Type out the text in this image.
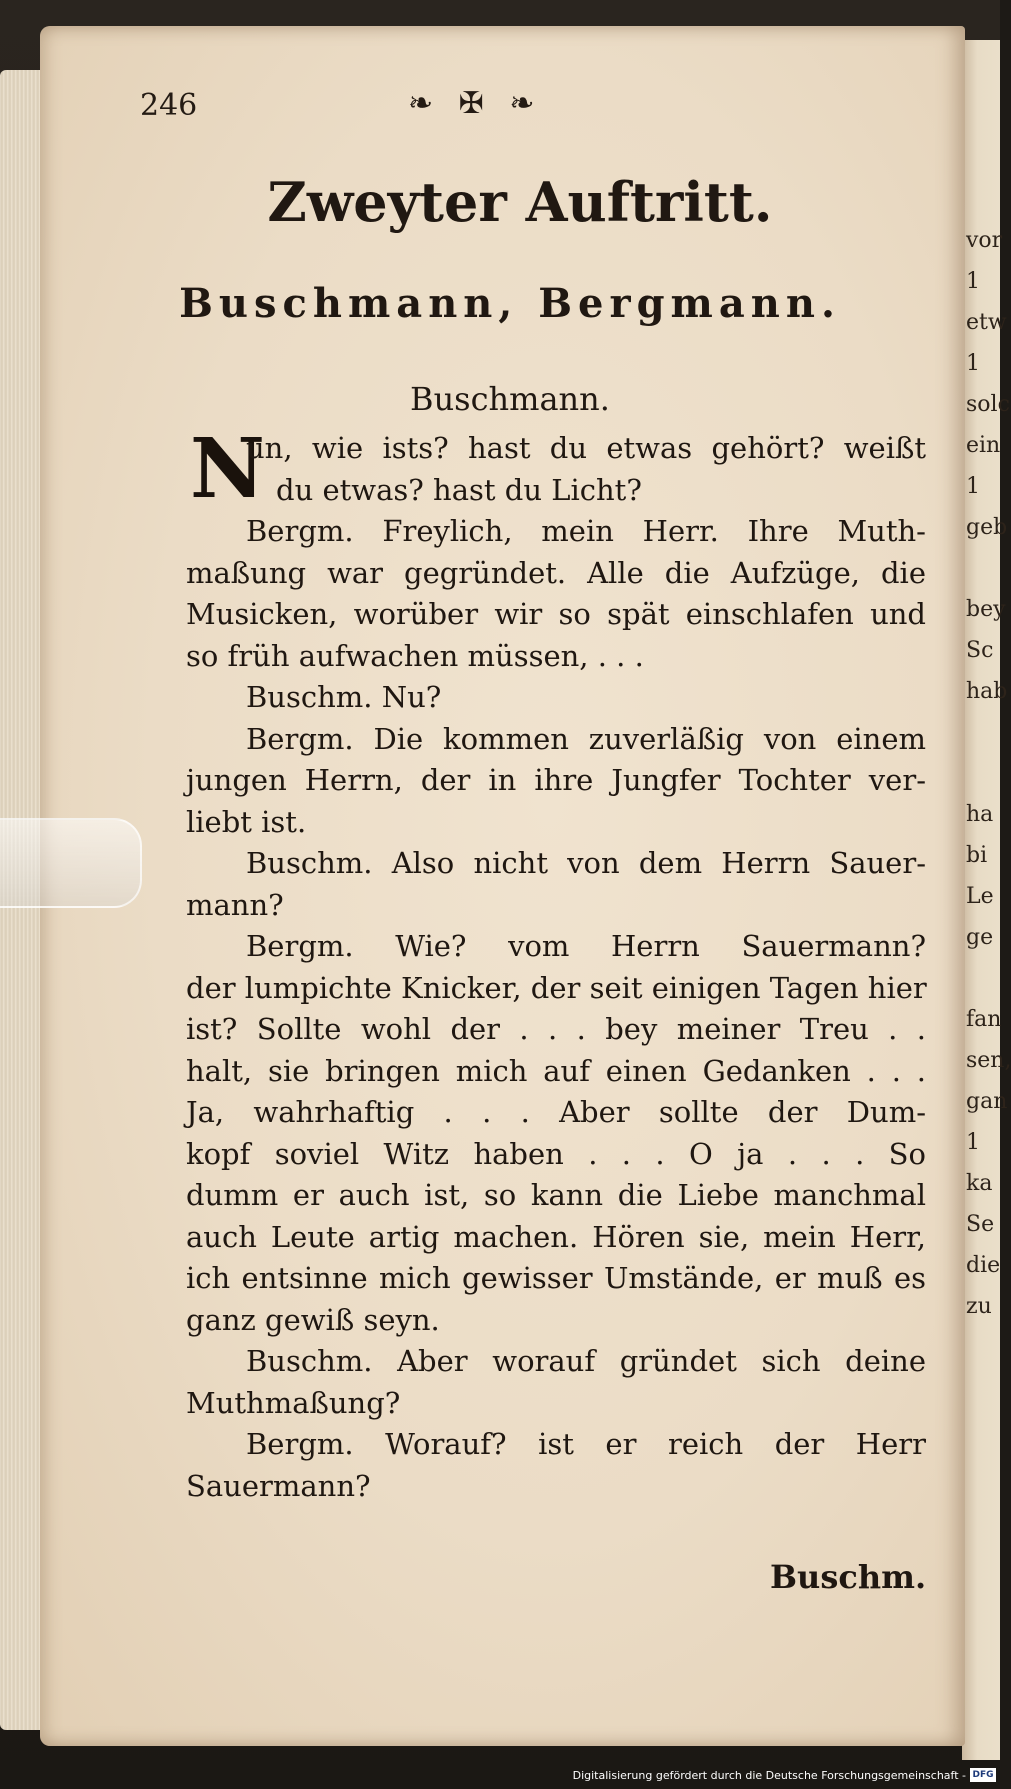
vor
1
etw
1
solc
ein
1
geb
bey
Sc
hab
ha
bi
Le
ge
fan
sen,
gan
1
ka
Se
die
zu
246	❧ ✠ ❧
Zweyter Auftritt.
Buschmann, Bergmann.
Buschmann.
N
un, wie ists? hast du etwas gehört? weißt
du etwas? hast du Licht?
Bergm. Freylich, mein Herr. Ihre Muth-
maßung war gegründet. Alle die Aufzüge, die
Musicken, worüber wir so spät einschlafen und
so früh aufwachen müssen, . . .
Buschm. Nu?
Bergm. Die kommen zuverläßig von einem
jungen Herrn, der in ihre Jungfer Tochter ver-
liebt ist.
Buschm. Also nicht von dem Herrn Sauer-
mann?
Bergm. Wie? vom Herrn Sauermann?
der lumpichte Knicker, der seit einigen Tagen hier
ist? Sollte wohl der . . . bey meiner Treu . .
halt, sie bringen mich auf einen Gedanken . . .
Ja, wahrhaftig . . . Aber sollte der Dum-
kopf soviel Witz haben . . . O ja . . . So
dumm er auch ist, so kann die Liebe manchmal
auch Leute artig machen. Hören sie, mein Herr,
ich entsinne mich gewisser Umstände, er muß es
ganz gewiß seyn.
Buschm. Aber worauf gründet sich deine
Muthmaßung?
Bergm. Worauf? ist er reich der Herr
Sauermann?
Buschm.
Digitalisierung gefördert durch die Deutsche Forschungsgemeinschaft - DFG
